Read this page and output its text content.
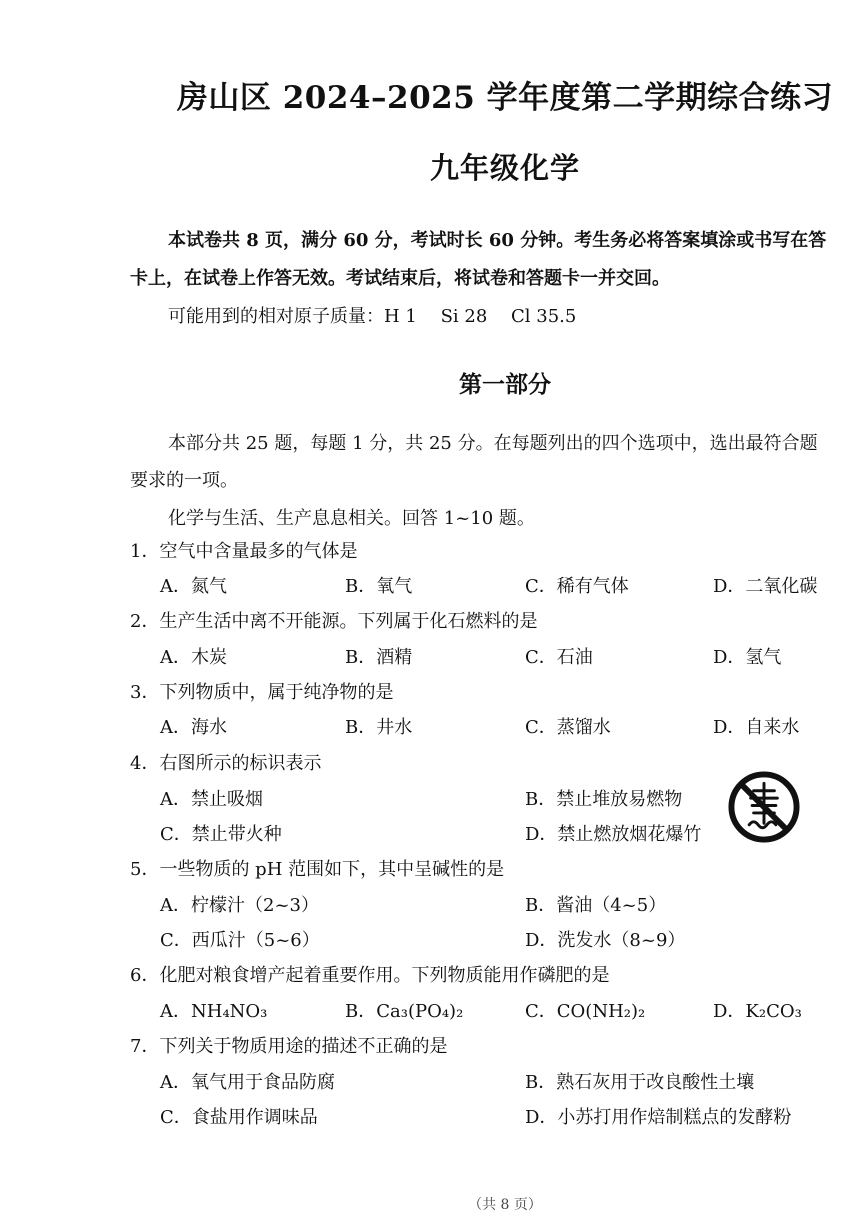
房山区 2024–2025 学年度第二学期综合练习
九年级化学
本试卷共 8 页，满分 60 分，考试时长 60 分钟。考生务必将答案填涂或书写在答
卡上，在试卷上作答无效。考试结束后，将试卷和答题卡一并交回。
可能用到的相对原子质量：H 1　 Si 28　 Cl 35.5
第一部分
本部分共 25 题，每题 1 分，共 25 分。在每题列出的四个选项中，选出最符合题
要求的一项。
化学与生活、生产息息相关。回答 1~10 题。
1．空气中含量最多的气体是
A．氮气	B．氧气	C．稀有气体	D．二氧化碳
2．生产生活中离不开能源。下列属于化石燃料的是
A．木炭	B．酒精	C．石油	D．氢气
3．下列物质中，属于纯净物的是
A．海水	B．井水	C．蒸馏水	D．自来水
4．右图所示的标识表示
A．禁止吸烟	B．禁止堆放易燃物
C．禁止带火种	D．禁止燃放烟花爆竹
5．一些物质的 pH 范围如下，其中呈碱性的是
A．柠檬汁（2~3）	B．酱油（4~5）
C．西瓜汁（5~6）	D．洗发水（8~9）
6．化肥对粮食增产起着重要作用。下列物质能用作磷肥的是
A．NH₄NO₃	B．Ca₃(PO₄)₂	C．CO(NH₂)₂	D．K₂CO₃
7．下列关于物质用途的描述不正确的是
A．氧气用于食品防腐	B．熟石灰用于改良酸性土壤
C．食盐用作调味品	D．小苏打用作焙制糕点的发酵粉
（共 8 页）
